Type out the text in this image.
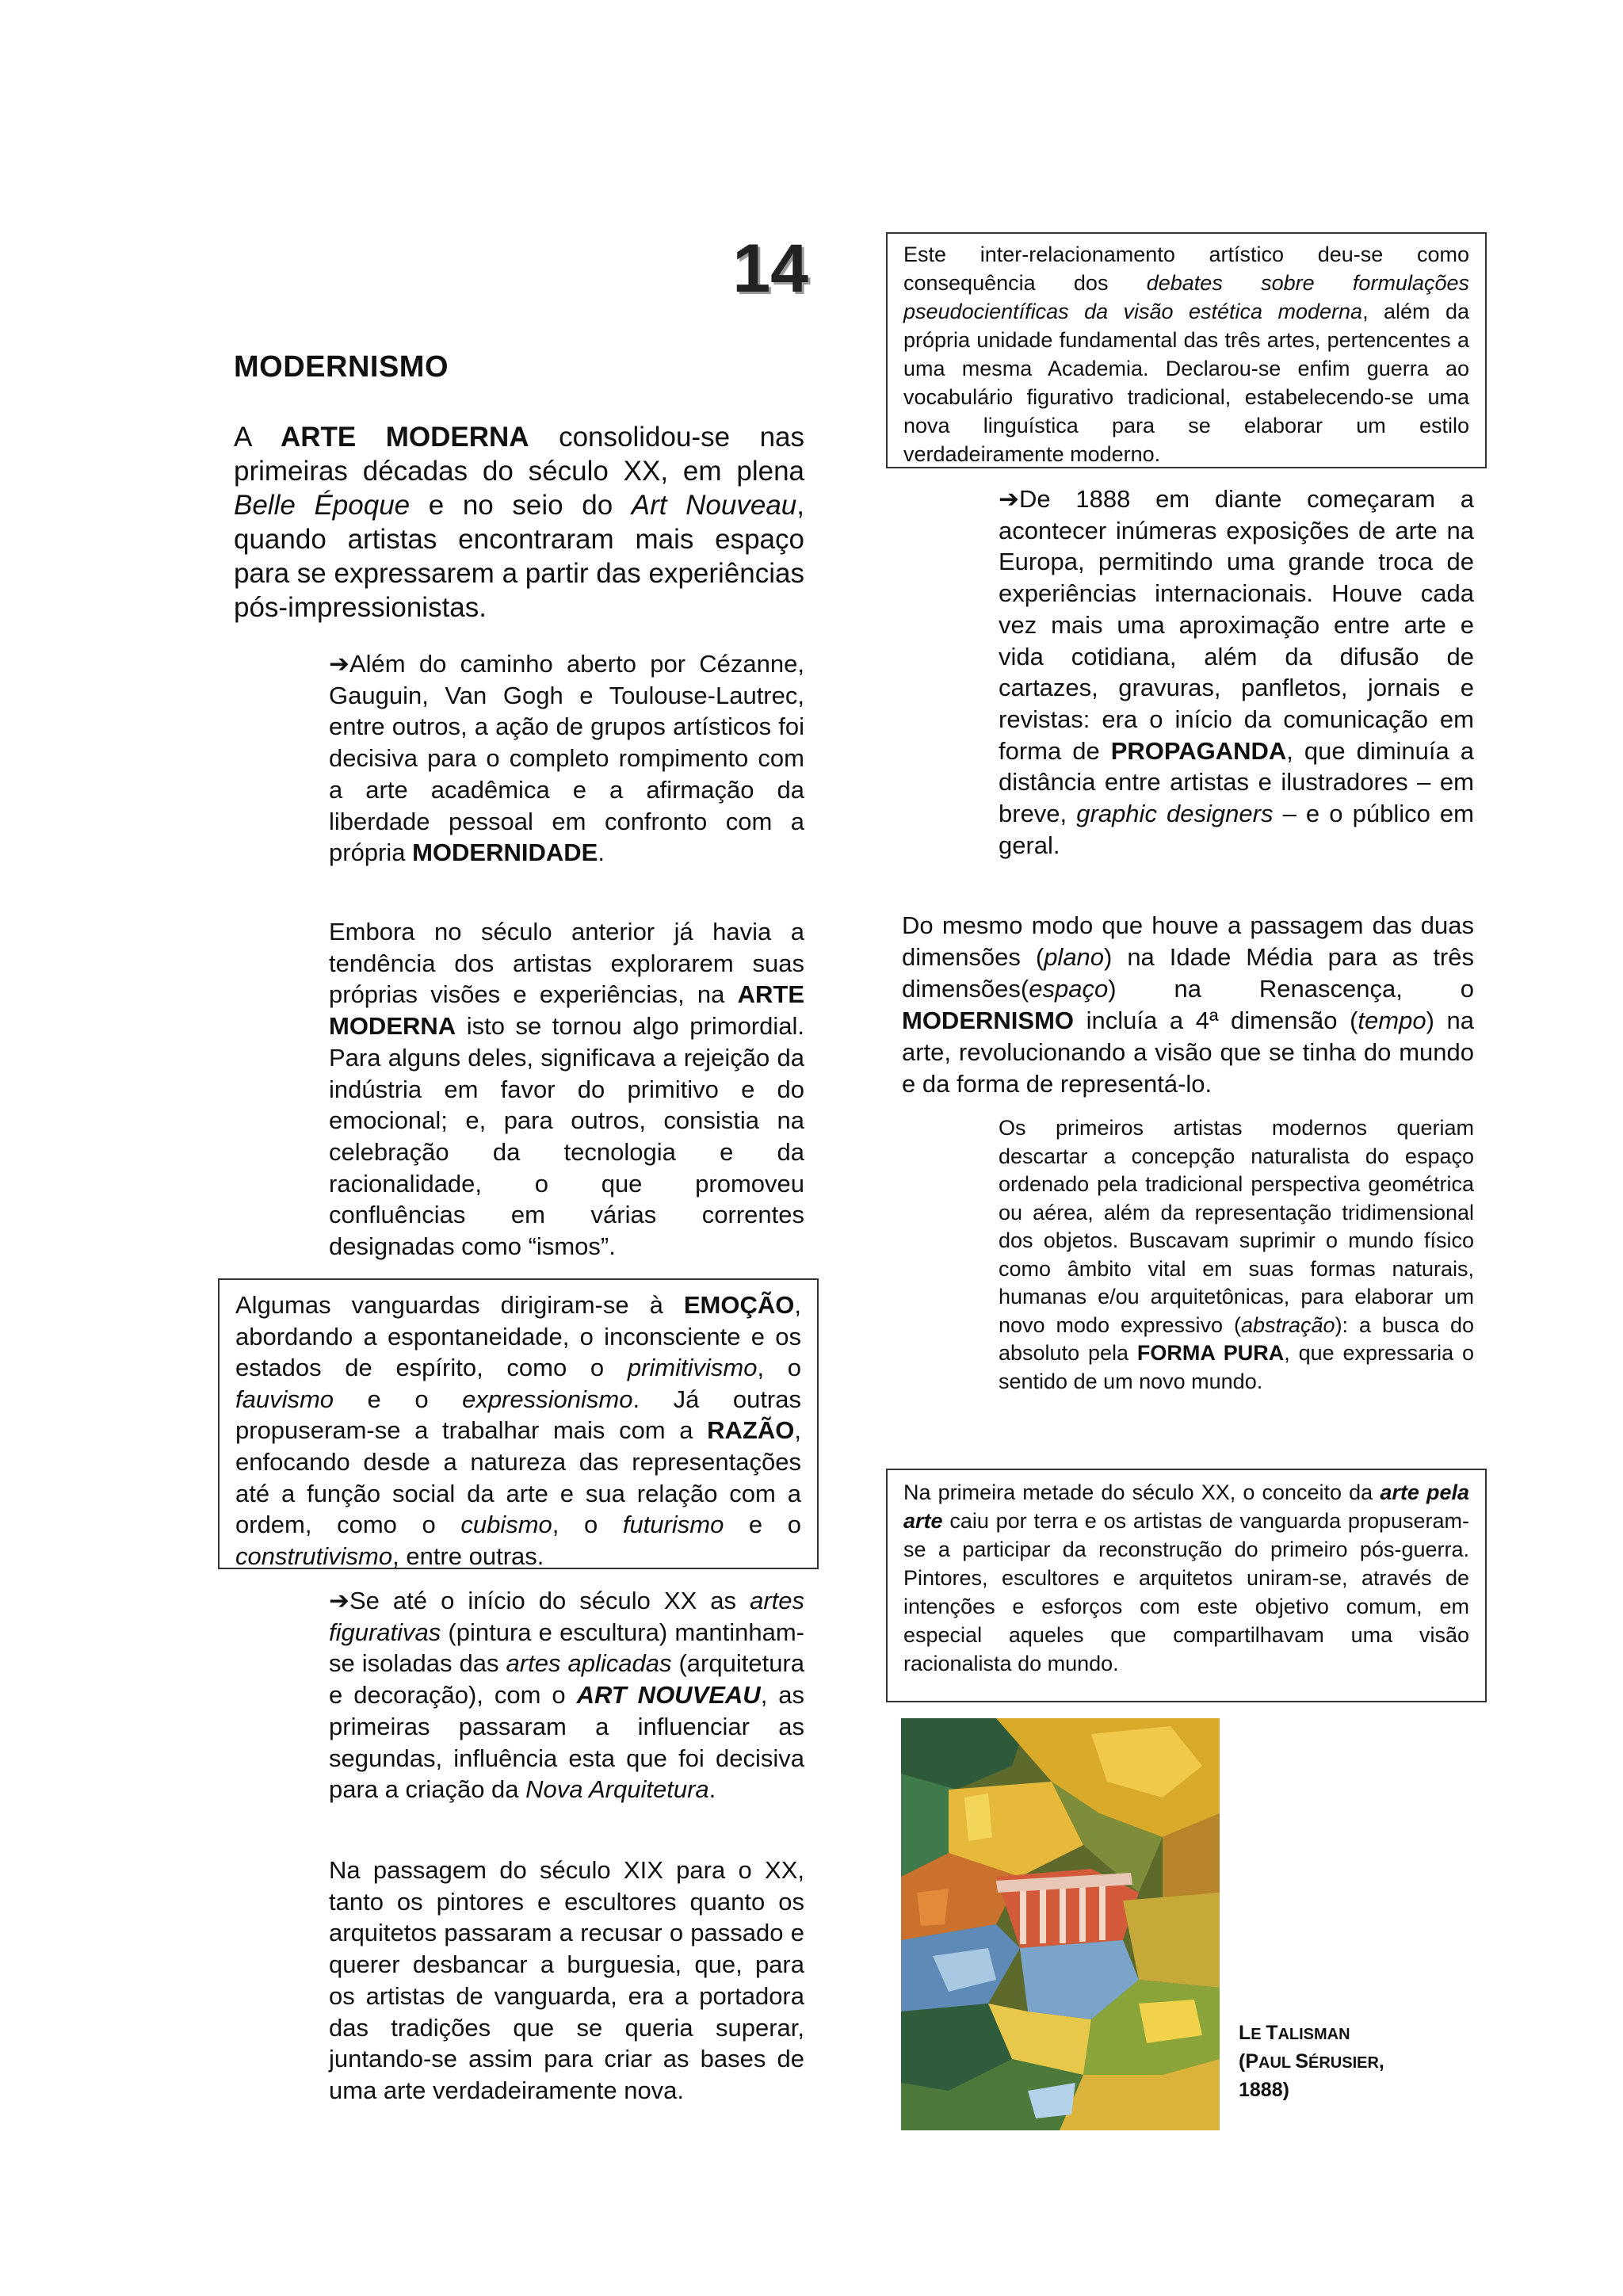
14
MODERNISMO
A ARTE MODERNA consolidou-se nas primeiras décadas do século XX, em plena Belle Époque e no seio do Art Nouveau, quando artistas encontraram mais espaço para se expressarem a partir das experiências pós-impressionistas.
➔Além do caminho aberto por Cézanne, Gauguin, Van Gogh e Toulouse-Lautrec, entre outros, a ação de grupos artísticos foi decisiva para o completo rompimento com a arte acadêmica e a afirmação da liberdade pessoal em confronto com a própria MODERNIDADE.
Embora no século anterior já havia a tendência dos artistas explorarem suas próprias visões e experiências, na ARTE MODERNA isto se tornou algo primordial. Para alguns deles, significava a rejeição da indústria em favor do primitivo e do emocional; e, para outros, consistia na celebração da tecnologia e da racionalidade, o que promoveu confluências em várias correntes designadas como “ismos”.
Algumas vanguardas dirigiram-se à EMOÇÃO, abordando a espontaneidade, o inconsciente e os estados de espírito, como o primitivismo, o fauvismo e o expressionismo. Já outras propuseram-se a trabalhar mais com a RAZÃO, enfocando desde a natureza das representações até a função social da arte e sua relação com a ordem, como o cubismo, o futurismo e o construtivismo, entre outras.
➔Se até o início do século XX as artes figurativas (pintura e escultura) mantinham-se isoladas das artes aplicadas (arquitetura e decoração), com o ART NOUVEAU, as primeiras passaram a influenciar as segundas, influência esta que foi decisiva para a criação da Nova Arquitetura.
Na passagem do século XIX para o XX, tanto os pintores e escultores quanto os arquitetos passaram a recusar o passado e querer desbancar a burguesia, que, para os artistas de vanguarda, era a portadora das tradições que se queria superar, juntando-se assim para criar as bases de uma arte verdadeiramente nova.
Este inter-relacionamento artístico deu-se como consequência dos debates sobre formulações pseudocientíficas da visão estética moderna, além da própria unidade fundamental das três artes, pertencentes a uma mesma Academia. Declarou-se enfim guerra ao vocabulário figurativo tradicional, estabelecendo-se uma nova linguística para se elaborar um estilo verdadeiramente moderno.
➔De 1888 em diante começaram a acontecer inúmeras exposições de arte na Europa, permitindo uma grande troca de experiências internacionais. Houve cada vez mais uma aproximação entre arte e vida cotidiana, além da difusão de cartazes, gravuras, panfletos, jornais e revistas: era o início da comunicação em forma de PROPAGANDA, que diminuía a distância entre artistas e ilustradores – em breve, graphic designers – e o público em geral.
Do mesmo modo que houve a passagem das duas dimensões (plano) na Idade Média para as três dimensões(espaço) na Renascença, o MODERNISMO incluía a 4ª dimensão (tempo) na arte, revolucionando a visão que se tinha do mundo e da forma de representá-lo.
Os primeiros artistas modernos queriam descartar a concepção naturalista do espaço ordenado pela tradicional perspectiva geométrica ou aérea, além da representação tridimensional dos objetos. Buscavam suprimir o mundo físico como âmbito vital em suas formas naturais, humanas e/ou arquitetônicas, para elaborar um novo modo expressivo (abstração): a busca do absoluto pela FORMA PURA, que expressaria o sentido de um novo mundo.
Na primeira metade do século XX, o conceito da arte pela arte caiu por terra e os artistas de vanguarda propuseram-se a participar da reconstrução do primeiro pós-guerra. Pintores, escultores e arquitetos uniram-se, através de intenções e esforços com este objetivo comum, em especial aqueles que compartilhavam uma visão racionalista do mundo.
LE TALISMAN
(PAUL SÉRUSIER,
1888)
